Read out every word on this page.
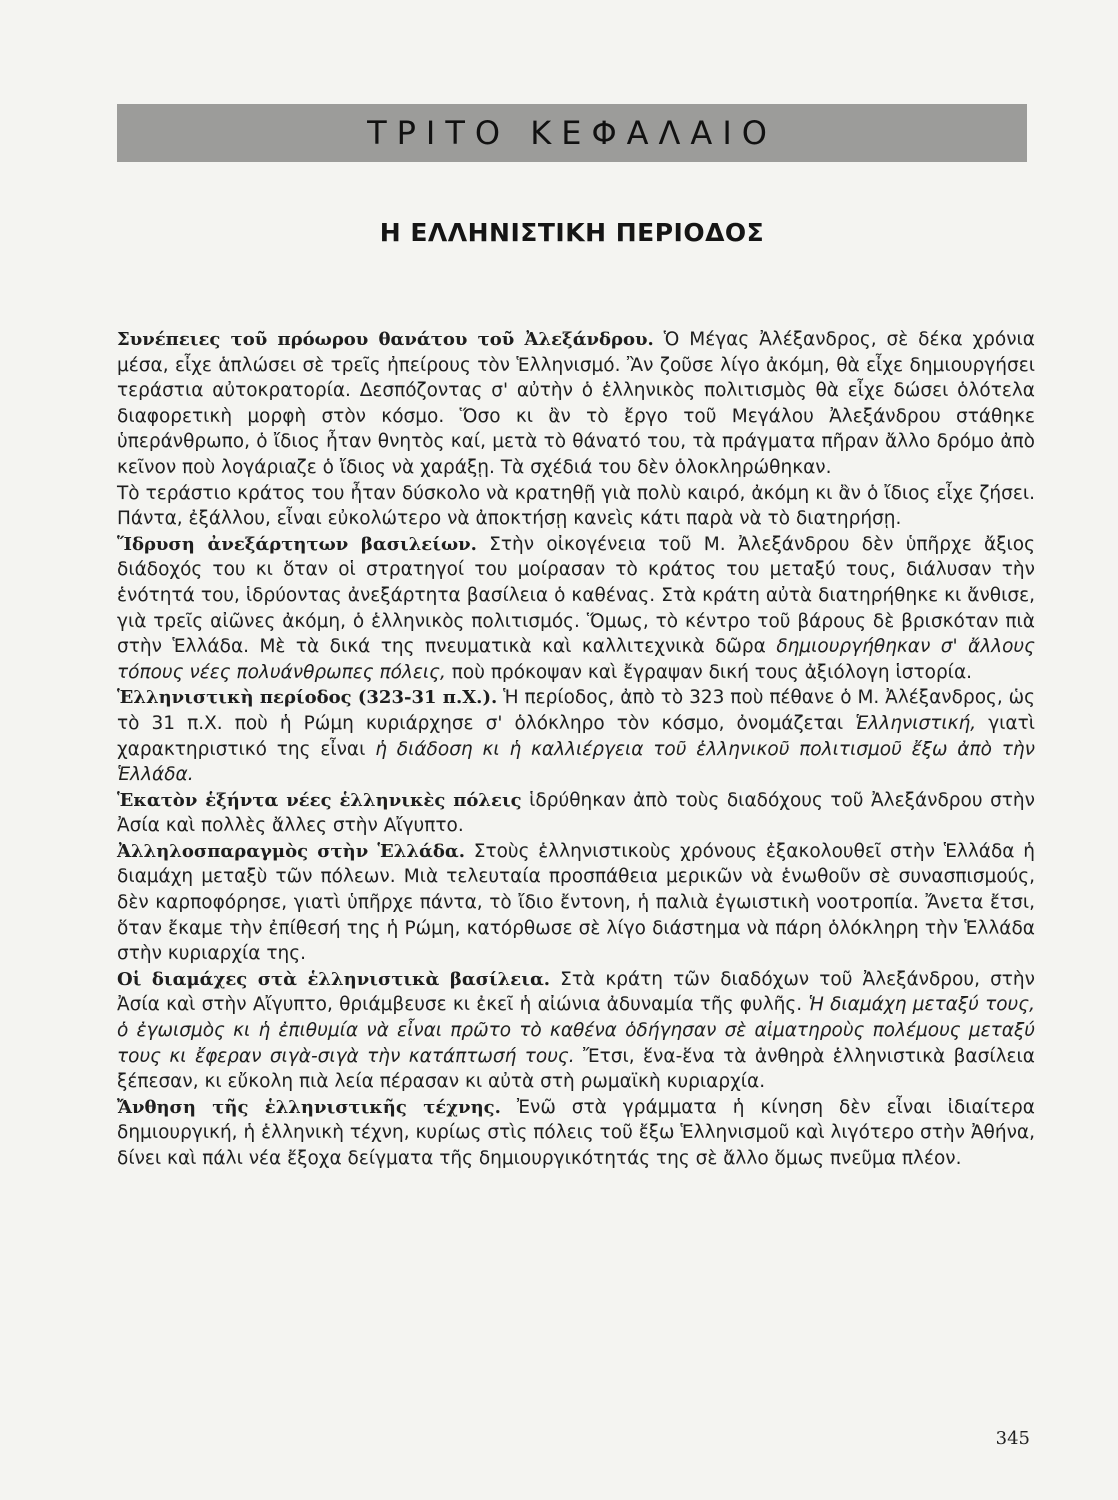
ΤΡΙΤΟ ΚΕΦΑΛΑΙΟ
Η ΕΛΛΗΝΙΣΤΙΚΗ ΠΕΡΙΟΔΟΣ

Συνέπειες τοῦ πρόωρου θανάτου τοῦ Ἀλεξάνδρου. Ὁ Μέγας Ἀλέξανδρος, σὲ δέκα χρόνια μέσα, εἶχε ἁπλώσει σὲ τρεῖς ἠπείρους τὸν Ἑλληνισμό. Ἂν ζοῦσε λίγο ἀκόμη, θὰ εἶχε δημιουργήσει τεράστια αὐτοκρατορία. Δεσπόζοντας σ' αὐτὴν ὁ ἑλληνικὸς πολιτισμὸς θὰ εἶχε δώσει ὁλότελα διαφορετικὴ μορφὴ στὸν κόσμο. Ὅσο κι ἂν τὸ ἔργο τοῦ Μεγάλου Ἀλεξάνδρου στάθηκε ὑπεράνθρωπο, ὁ ἴδιος ἦταν θνητὸς καί, μετὰ τὸ θάνατό του, τὰ πράγματα πῆραν ἄλλο δρόμο ἀπὸ κεῖνον ποὺ λογάριαζε ὁ ἴδιος νὰ χαράξῃ. Τὰ σχέδιά του δὲν ὁλοκληρώθηκαν.

Τὸ τεράστιο κράτος του ἦταν δύσκολο νὰ κρατηθῇ γιὰ πολὺ καιρό, ἀκόμη κι ἂν ὁ ἴδιος εἶχε ζήσει. Πάντα, ἐξάλλου, εἶναι εὐκολώτερο νὰ ἀποκτήσῃ κανεὶς κάτι παρὰ νὰ τὸ διατηρήσῃ.

Ἵδρυση ἀνεξάρτητων βασιλείων. Στὴν οἰκογένεια τοῦ Μ. Ἀλεξάνδρου δὲν ὑπῆρχε ἄξιος διάδοχός του κι ὅταν οἱ στρατηγοί του μοίρασαν τὸ κράτος του μεταξύ τους, διάλυσαν τὴν ἑνότητά του, ἱδρύοντας ἀνεξάρτητα βασίλεια ὁ καθένας. Στὰ κράτη αὐτὰ διατηρήθηκε κι ἄνθισε, γιὰ τρεῖς αἰῶνες ἀκόμη, ὁ ἑλληνικὸς πολιτισμός. Ὅμως, τὸ κέντρο τοῦ βάρους δὲ βρισκόταν πιὰ στὴν Ἑλλάδα. Μὲ τὰ δικά της πνευματικὰ καὶ καλλιτεχνικὰ δῶρα δημιουργήθηκαν σ' ἄλλους τόπους νέες πολυάνθρωπες πόλεις, ποὺ πρόκοψαν καὶ ἔγραψαν δική τους ἀξιόλογη ἱστορία.

Ἑλληνιστικὴ περίοδος (323-31 π.Χ.). Ἡ περίοδος, ἀπὸ τὸ 323 ποὺ πέθανε ὁ Μ. Ἀλέξανδρος, ὡς τὸ 31 π.Χ. ποὺ ἡ Ρώμη κυριάρχησε σ' ὁλόκληρο τὸν κόσμο, ὀνομάζεται Ἑλληνιστική, γιατὶ χαρακτηριστικό της εἶναι ἡ διάδοση κι ἡ καλλιέργεια τοῦ ἑλληνικοῦ πολιτισμοῦ ἔξω ἀπὸ τὴν Ἑλλάδα.

Ἑκατὸν ἑξήντα νέες ἑλληνικὲς πόλεις ἱδρύθηκαν ἀπὸ τοὺς διαδόχους τοῦ Ἀλεξάνδρου στὴν Ἀσία καὶ πολλὲς ἄλλες στὴν Αἴγυπτο.

Ἀλληλοσπαραγμὸς στὴν Ἑλλάδα. Στοὺς ἑλληνιστικοὺς χρόνους ἐξακολουθεῖ στὴν Ἑλλάδα ἡ διαμάχη μεταξὺ τῶν πόλεων. Μιὰ τελευταία προσπάθεια μερικῶν νὰ ἑνωθοῦν σὲ συνασπισμούς, δὲν καρποφόρησε, γιατὶ ὑπῆρχε πάντα, τὸ ἴδιο ἔντονη, ἡ παλιὰ ἐγωιστικὴ νοοτροπία. Ἄνετα ἔτσι, ὅταν ἔκαμε τὴν ἐπίθεσή της ἡ Ρώμη, κατόρθωσε σὲ λίγο διάστημα νὰ πάρη ὁλόκληρη τὴν Ἑλλάδα στὴν κυριαρχία της.

Οἱ διαμάχες στὰ ἑλληνιστικὰ βασίλεια. Στὰ κράτη τῶν διαδόχων τοῦ Ἀλεξάνδρου, στὴν Ἀσία καὶ στὴν Αἴγυπτο, θριάμβευσε κι ἐκεῖ ἡ αἰώνια ἀδυναμία τῆς φυλῆς. Ἡ διαμάχη μεταξύ τους, ὁ ἐγωισμὸς κι ἡ ἐπιθυμία νὰ εἶναι πρῶτο τὸ καθένα ὁδήγησαν σὲ αἱματηροὺς πολέμους μεταξύ τους κι ἔφεραν σιγὰ-σιγὰ τὴν κατάπτωσή τους. Ἔτσι, ἕνα-ἕνα τὰ ἀνθηρὰ ἑλληνιστικὰ βασίλεια ξέπεσαν, κι εὔκολη πιὰ λεία πέρασαν κι αὐτὰ στὴ ρωμαϊκὴ κυριαρχία.

Ἄνθηση τῆς ἑλληνιστικῆς τέχνης. Ἐνῶ στὰ γράμματα ἡ κίνηση δὲν εἶναι ἰδιαίτερα δημιουργική, ἡ ἑλληνικὴ τέχνη, κυρίως στὶς πόλεις τοῦ ἔξω Ἑλληνισμοῦ καὶ λιγότερο στὴν Ἀθήνα, δίνει καὶ πάλι νέα ἔξοχα δείγματα τῆς δημιουργικότητάς της σὲ ἄλλο ὅμως πνεῦμα πλέον.

345
